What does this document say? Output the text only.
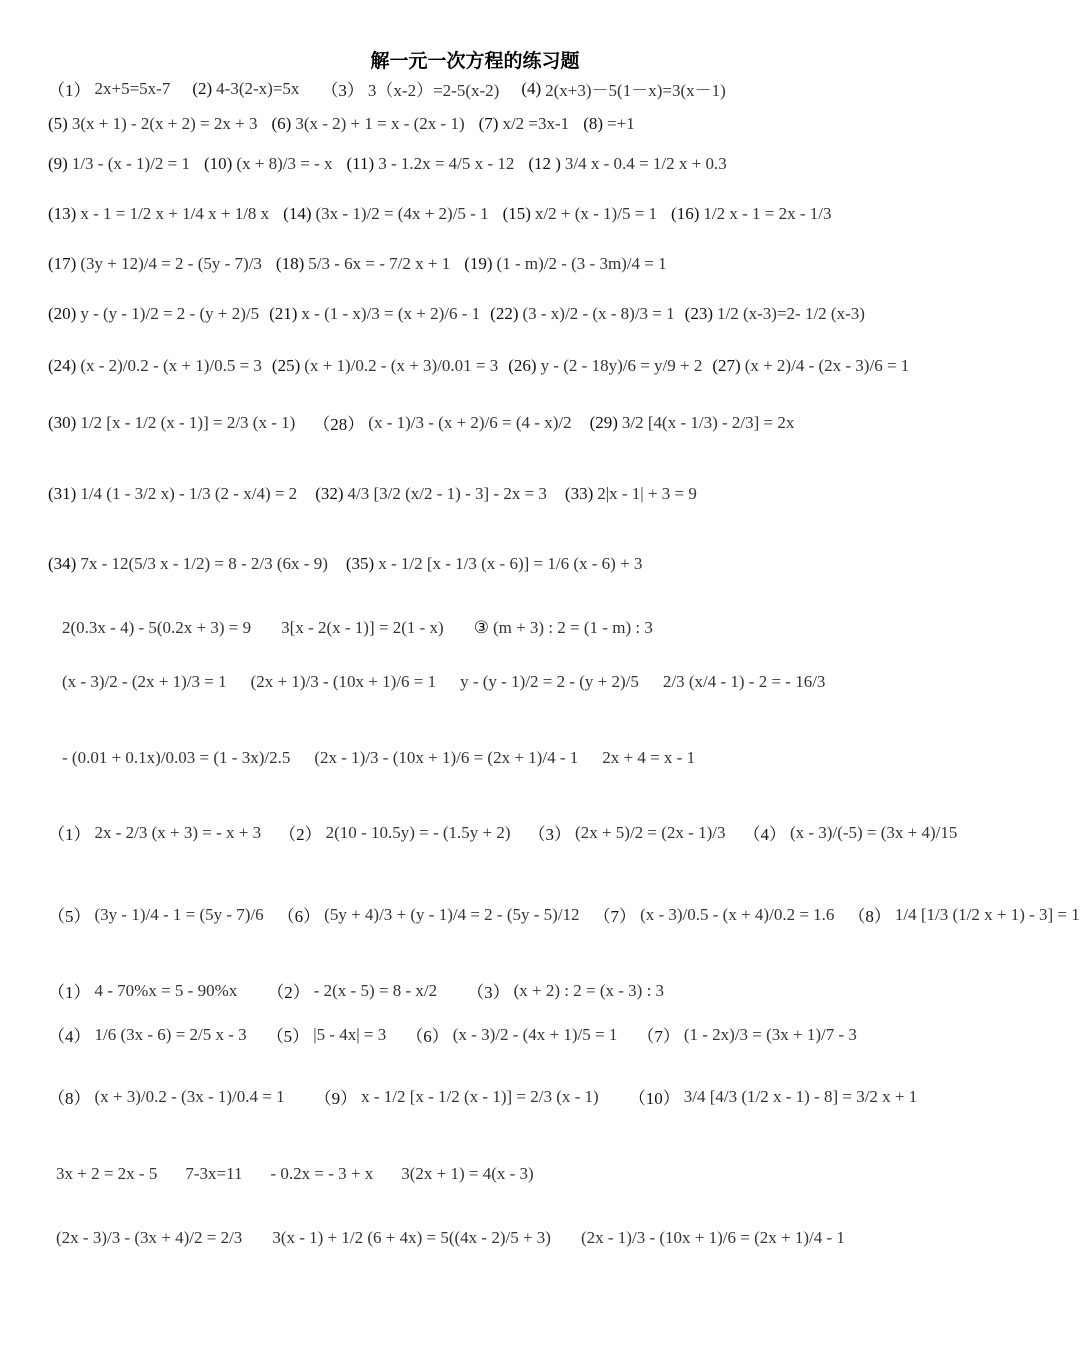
解一元一次方程的练习题
（1） 2x+5=5x-7 (2) 4-3(2-x)=5x （3） 3（x-2）=2-5(x-2) (4) 2(x+3)－5(1－x)=3(x－1)
(5) 3(x + 1) - 2(x + 2) = 2x + 3 (6) 3(x - 2) + 1 = x - (2x - 1) (7) x/2 =3x-1 (8) =+1
(9) 1/3 - (x - 1)/2 = 1 (10) (x + 8)/3 = - x (11) 3 - 1.2x = 4/5 x - 12 (12 ) 3/4 x - 0.4 = 1/2 x + 0.3
(13) x - 1 = 1/2 x + 1/4 x + 1/8 x (14) (3x - 1)/2 = (4x + 2)/5 - 1 (15) x/2 + (x - 1)/5 = 1 (16) 1/2 x - 1 = 2x - 1/3
(17) (3y + 12)/4 = 2 - (5y - 7)/3 (18) 5/3 - 6x = - 7/2 x + 1 (19) (1 - m)/2 - (3 - 3m)/4 = 1
(20) y - (y - 1)/2 = 2 - (y + 2)/5 (21) x - (1 - x)/3 = (x + 2)/6 - 1 (22) (3 - x)/2 - (x - 8)/3 = 1 (23) 1/2 (x-3)=2- 1/2 (x-3)
(24) (x - 2)/0.2 - (x + 1)/0.5 = 3 (25) (x + 1)/0.2 - (x + 3)/0.01 = 3 (26) y - (2 - 18y)/6 = y/9 + 2 (27) (x + 2)/4 - (2x - 3)/6 = 1
(30) 1/2 [x - 1/2 (x - 1)] = 2/3 (x - 1) （28） (x - 1)/3 - (x + 2)/6 = (4 - x)/2 (29) 3/2 [4(x - 1/3) - 2/3] = 2x
(31) 1/4 (1 - 3/2 x) - 1/3 (2 - x/4) = 2 (32) 4/3 [3/2 (x/2 - 1) - 3] - 2x = 3 (33) 2|x - 1| + 3 = 9
(34) 7x - 12(5/3 x - 1/2) = 8 - 2/3 (6x - 9) (35) x - 1/2 [x - 1/3 (x - 6)] = 1/6 (x - 6) + 3
2(0.3x - 4) - 5(0.2x + 3) = 9 3[x - 2(x - 1)] = 2(1 - x) ③ (m + 3) : 2 = (1 - m) : 3
(x - 3)/2 - (2x + 1)/3 = 1 (2x + 1)/3 - (10x + 1)/6 = 1 y - (y - 1)/2 = 2 - (y + 2)/5 2/3 (x/4 - 1) - 2 = - 16/3
- (0.01 + 0.1x)/0.03 = (1 - 3x)/2.5 (2x - 1)/3 - (10x + 1)/6 = (2x + 1)/4 - 1 2x + 4 = x - 1
（1） 2x - 2/3 (x + 3) = - x + 3 （2） 2(10 - 10.5y) = - (1.5y + 2) （3） (2x + 5)/2 = (2x - 1)/3 （4） (x - 3)/(-5) = (3x + 4)/15
（5） (3y - 1)/4 - 1 = (5y - 7)/6 （6） (5y + 4)/3 + (y - 1)/4 = 2 - (5y - 5)/12 （7） (x - 3)/0.5 - (x + 4)/0.2 = 1.6 （8） 1/4 [1/3 (1/2 x + 1) - 3] = 1
（1） 4 - 70%x = 5 - 90%x （2） - 2(x - 5) = 8 - x/2 （3） (x + 2) : 2 = (x - 3) : 3
（4） 1/6 (3x - 6) = 2/5 x - 3 （5） |5 - 4x| = 3 （6） (x - 3)/2 - (4x + 1)/5 = 1 （7） (1 - 2x)/3 = (3x + 1)/7 - 3
（8） (x + 3)/0.2 - (3x - 1)/0.4 = 1 （9） x - 1/2 [x - 1/2 (x - 1)] = 2/3 (x - 1) （10） 3/4 [4/3 (1/2 x - 1) - 8] = 3/2 x + 1
3x + 2 = 2x - 5 7-3x=11 - 0.2x = - 3 + x 3(2x + 1) = 4(x - 3)
(2x - 3)/3 - (3x + 4)/2 = 2/3 3(x - 1) + 1/2 (6 + 4x) = 5((4x - 2)/5 + 3) (2x - 1)/3 - (10x + 1)/6 = (2x + 1)/4 - 1
